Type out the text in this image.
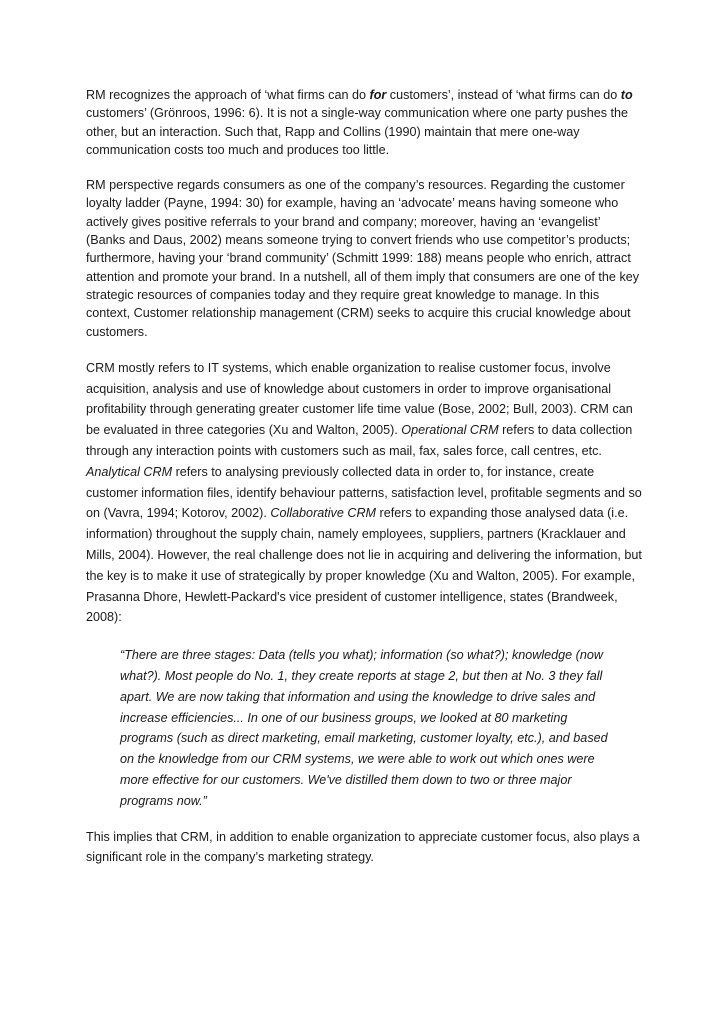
RM recognizes the approach of ‘what firms can do for customers’, instead of ‘what firms can do to customers’ (Grönroos, 1996: 6). It is not a single-way communication where one party pushes the other, but an interaction. Such that, Rapp and Collins (1990) maintain that mere one-way communication costs too much and produces too little.

RM perspective regards consumers as one of the company’s resources. Regarding the customer loyalty ladder (Payne, 1994: 30) for example, having an ‘advocate’ means having someone who actively gives positive referrals to your brand and company; moreover, having an ‘evangelist’ (Banks and Daus, 2002) means someone trying to convert friends who use competitor’s products; furthermore, having your ‘brand community’ (Schmitt 1999: 188) means people who enrich, attract attention and promote your brand. In a nutshell, all of them imply that consumers are one of the key strategic resources of companies today and they require great knowledge to manage. In this context, Customer relationship management (CRM) seeks to acquire this crucial knowledge about customers.

CRM mostly refers to IT systems, which enable organization to realise customer focus, involve acquisition, analysis and use of knowledge about customers in order to improve organisational profitability through generating greater customer life time value (Bose, 2002; Bull, 2003). CRM can be evaluated in three categories (Xu and Walton, 2005). Operational CRM refers to data collection through any interaction points with customers such as mail, fax, sales force, call centres, etc. Analytical CRM refers to analysing previously collected data in order to, for instance, create customer information files, identify behaviour patterns, satisfaction level, profitable segments and so on (Vavra, 1994; Kotorov, 2002). Collaborative CRM refers to expanding those analysed data (i.e. information) throughout the supply chain, namely employees, suppliers, partners (Kracklauer and Mills, 2004). However, the real challenge does not lie in acquiring and delivering the information, but the key is to make it use of strategically by proper knowledge (Xu and Walton, 2005). For example, Prasanna Dhore, Hewlett-Packard's vice president of customer intelligence, states (Brandweek, 2008):

“There are three stages: Data (tells you what); information (so what?); knowledge (now what?). Most people do No. 1, they create reports at stage 2, but then at No. 3 they fall apart. We are now taking that information and using the knowledge to drive sales and increase efficiencies... In one of our business groups, we looked at 80 marketing programs (such as direct marketing, email marketing, customer loyalty, etc.), and based on the knowledge from our CRM systems, we were able to work out which ones were more effective for our customers. We've distilled them down to two or three major programs now.”

This implies that CRM, in addition to enable organization to appreciate customer focus, also plays a significant role in the company’s marketing strategy.
